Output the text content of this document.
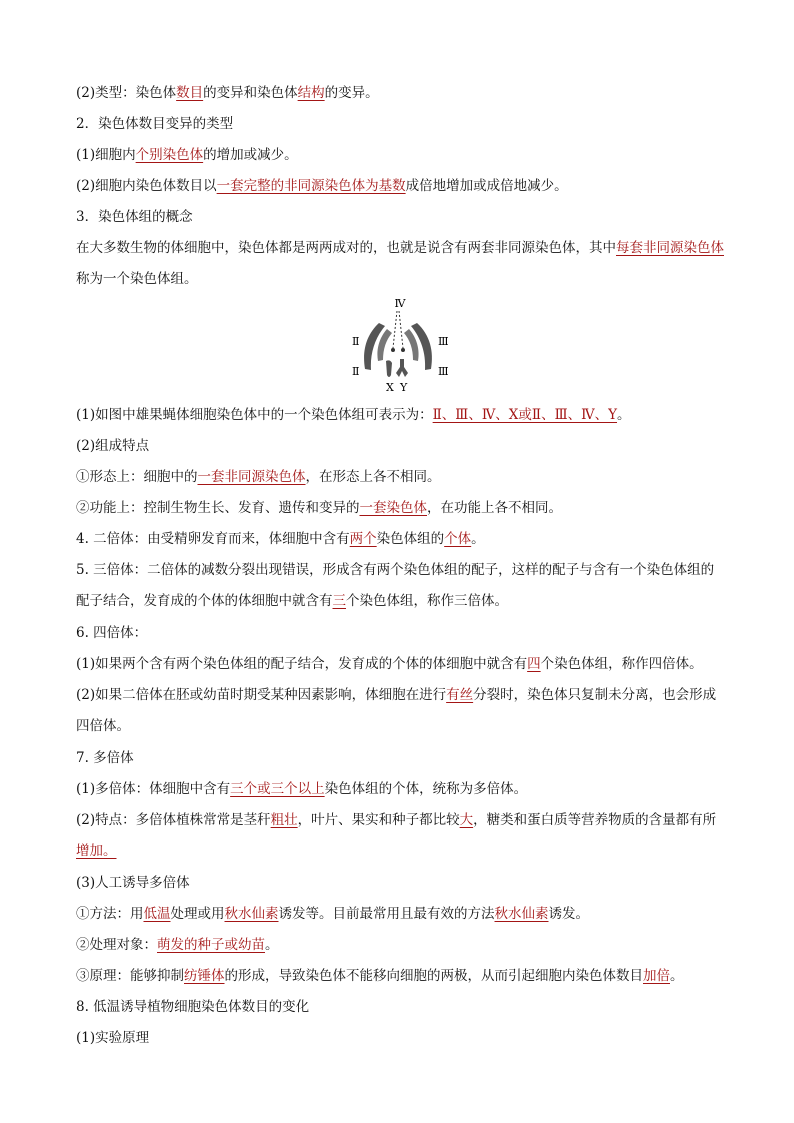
(2)类型：染色体数目的变异和染色体结构的变异。
2．染色体数目变异的类型
(1)细胞内个别染色体的增加或减少。
(2)细胞内染色体数目以一套完整的非同源染色体为基数成倍地增加或成倍地减少。
3．染色体组的概念
在大多数生物的体细胞中，染色体都是两两成对的，也就是说含有两套非同源染色体，其中每套非同源染色体称为一个染色体组。
Ⅳ
Ⅱ
Ⅱ
Ⅲ
Ⅲ
X Y
(1)如图中雄果蝇体细胞染色体中的一个染色体组可表示为：Ⅱ、Ⅲ、Ⅳ、X或Ⅱ、Ⅲ、Ⅳ、Y。
(2)组成特点
①形态上：细胞中的一套非同源染色体，在形态上各不相同。
②功能上：控制生物生长、发育、遗传和变异的一套染色体，在功能上各不相同。
4. 二倍体：由受精卵发育而来，体细胞中含有两个染色体组的个体。
5. 三倍体：二倍体的减数分裂出现错误，形成含有两个染色体组的配子，这样的配子与含有一个染色体组的配子结合，发育成的个体的体细胞中就含有三个染色体组，称作三倍体。
6. 四倍体：
(1)如果两个含有两个染色体组的配子结合，发育成的个体的体细胞中就含有四个染色体组，称作四倍体。
(2)如果二倍体在胚或幼苗时期受某种因素影响，体细胞在进行有丝分裂时，染色体只复制未分离，也会形成四倍体。
7. 多倍体
(1)多倍体：体细胞中含有三个或三个以上染色体组的个体，统称为多倍体。
(2)特点：多倍体植株常常是茎秆粗壮，叶片、果实和种子都比较大，糖类和蛋白质等营养物质的含量都有所增加。
(3)人工诱导多倍体
①方法：用低温处理或用秋水仙素诱发等。目前最常用且最有效的方法秋水仙素诱发。
②处理对象：萌发的种子或幼苗。
③原理：能够抑制纺锤体的形成，导致染色体不能移向细胞的两极，从而引起细胞内染色体数目加倍。
8. 低温诱导植物细胞染色体数目的变化
(1)实验原理
